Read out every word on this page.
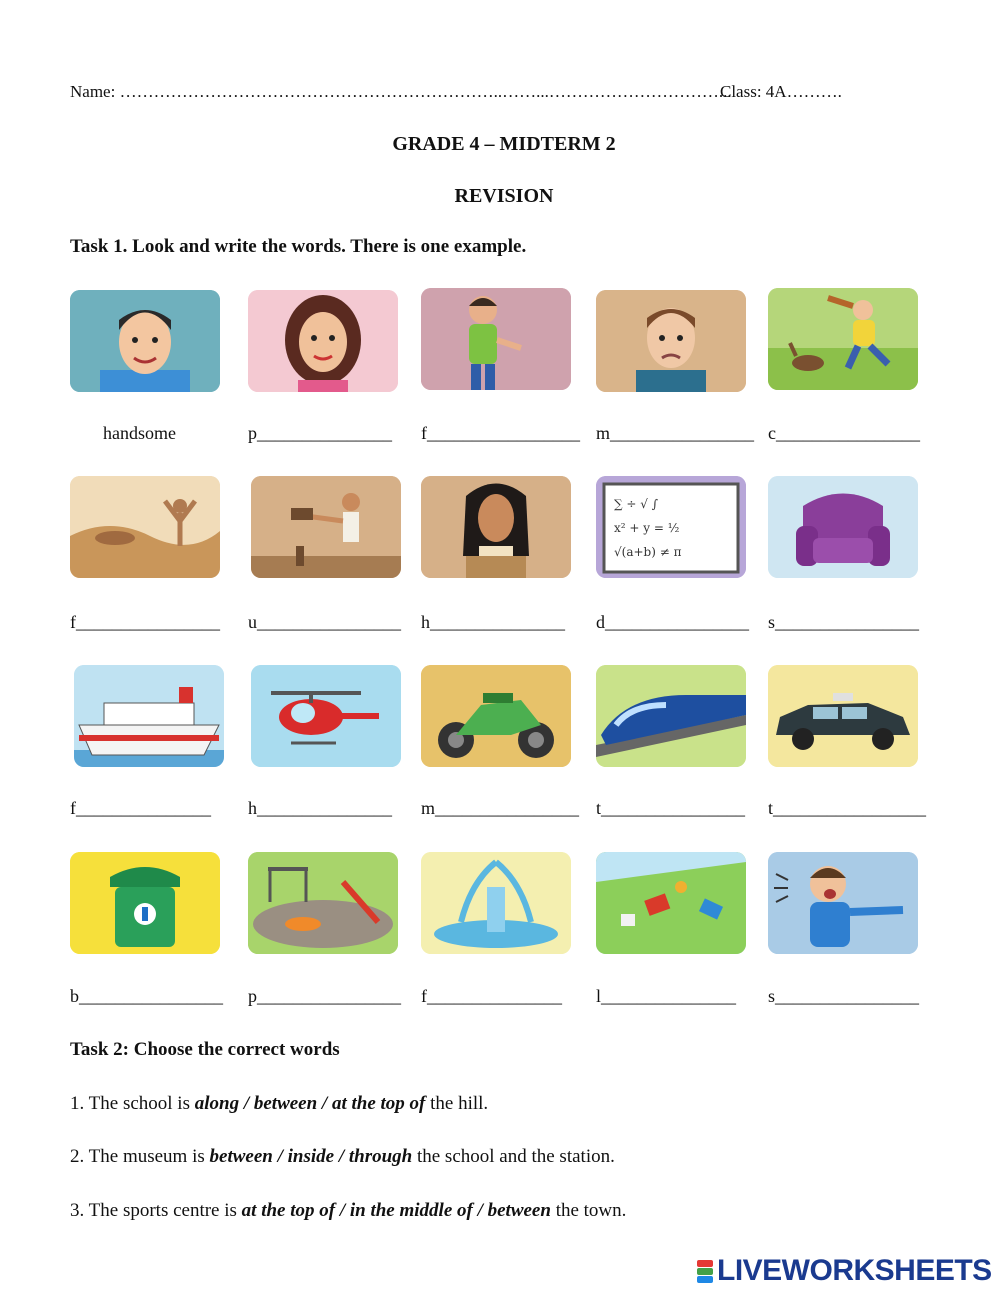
Name: …………………………………………………………..……...…………………………...
Class: 4A……….
GRADE 4 – MIDTERM 2
REVISION
Task 1. Look and write the words. There is one example.
handsome	p_______________ f_________________ m________________ c________________
∑ ÷ √ ∫
x² + y = ½
√(a+b) ≠ π
f________________ u________________ h_______________ d________________ s________________
f_______________ h_______________ m________________ t________________ t_________________
b________________ p________________ f_______________ l_______________ s________________
Task 2: Choose the correct words
1. The school is along / between / at the top of the hill.
2. The museum is between / inside / through the school and the station.
3. The sports centre is at the top of / in the middle of / between the town.
LIVEWORKSHEETS
